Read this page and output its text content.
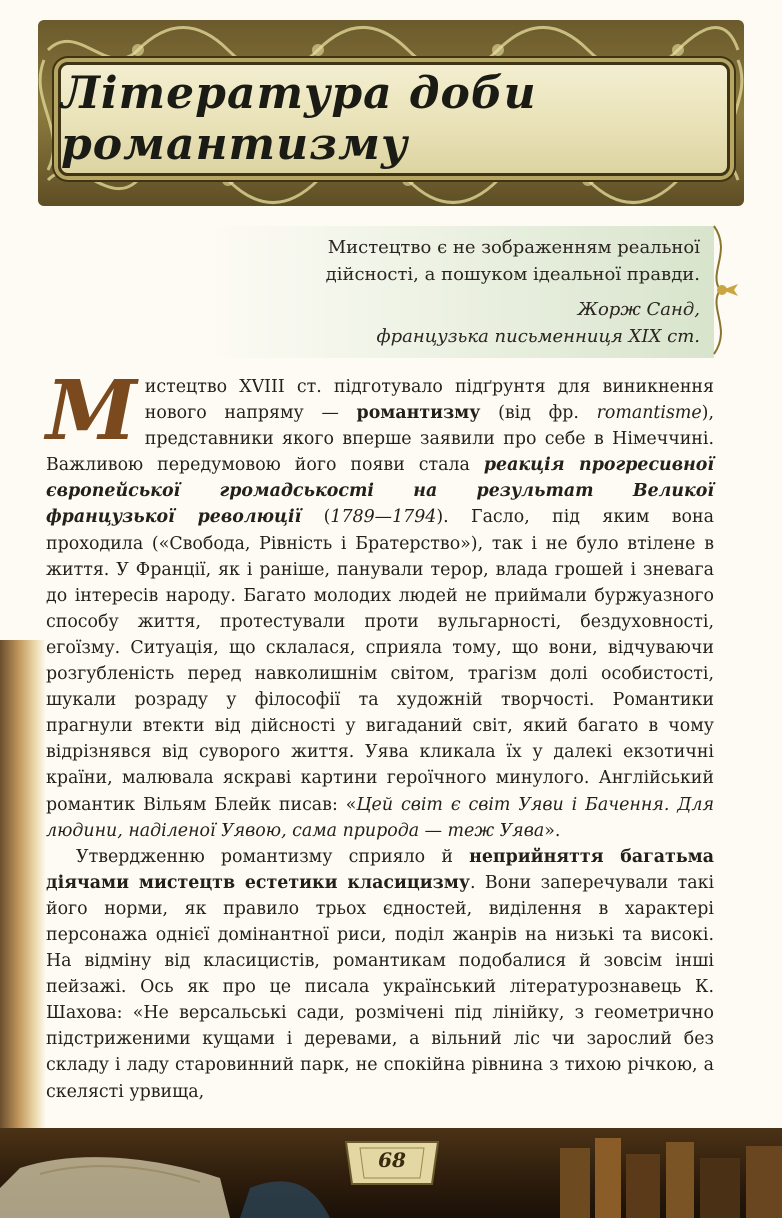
Література доби романтизму

Мистецтво є не зображенням реальної
дійсності, а пошуком ідеальної правди.

Жорж Санд,
французька письменниця XIX ст.

Мистецтво XVIII ст. підготувало підґрунтя для виникнення нового напряму — романтизму (від фр. romantisme), представники якого вперше заявили про себе в Німеччині. Важливою передумовою його появи стала реакція прогресивної європейської громадськості на результат Великої французької революції (1789—1794). Гасло, під яким вона проходила («Свобода, Рівність і Братерство»), так і не було втілене в життя. У Франції, як і раніше, панували терор, влада грошей і зневага до інтересів народу. Багато молодих людей не приймали буржуазного способу життя, протестували проти вульгарності, бездуховності, егоїзму. Ситуація, що склалася, сприяла тому, що вони, відчуваючи розгубленість перед навколишнім світом, трагізм долі особистості, шукали розраду у філософії та художній творчості. Романтики прагнули втекти від дійсності у вигаданий світ, який багато в чому відрізнявся від суворого життя. Уява кликала їх у далекі екзотичні країни, малювала яскраві картини героїчного минулого. Англійський романтик Вільям Блейк писав: «Цей світ є світ Уяви і Бачення. Для людини, наділеної Уявою, сама природа — теж Уява».

Утвердженню романтизму сприяло й неприйняття багатьма діячами мистецтв естетики класицизму. Вони заперечували такі його норми, як правило трьох єдностей, виділення в характері персонажа однієї домінантної риси, поділ жанрів на низькі та високі. На відміну від класицистів, романтикам подобалися й зовсім інші пейзажі. Ось як про це писала український літературознавець К. Шахова: «Не версальські сади, розмічені під лінійку, з геометрично підстриженими кущами і деревами, а вільний ліс чи зарослий без складу і ладу старовинний парк, не спокійна рівнина з тихою річкою, а скелясті урвища,

68
